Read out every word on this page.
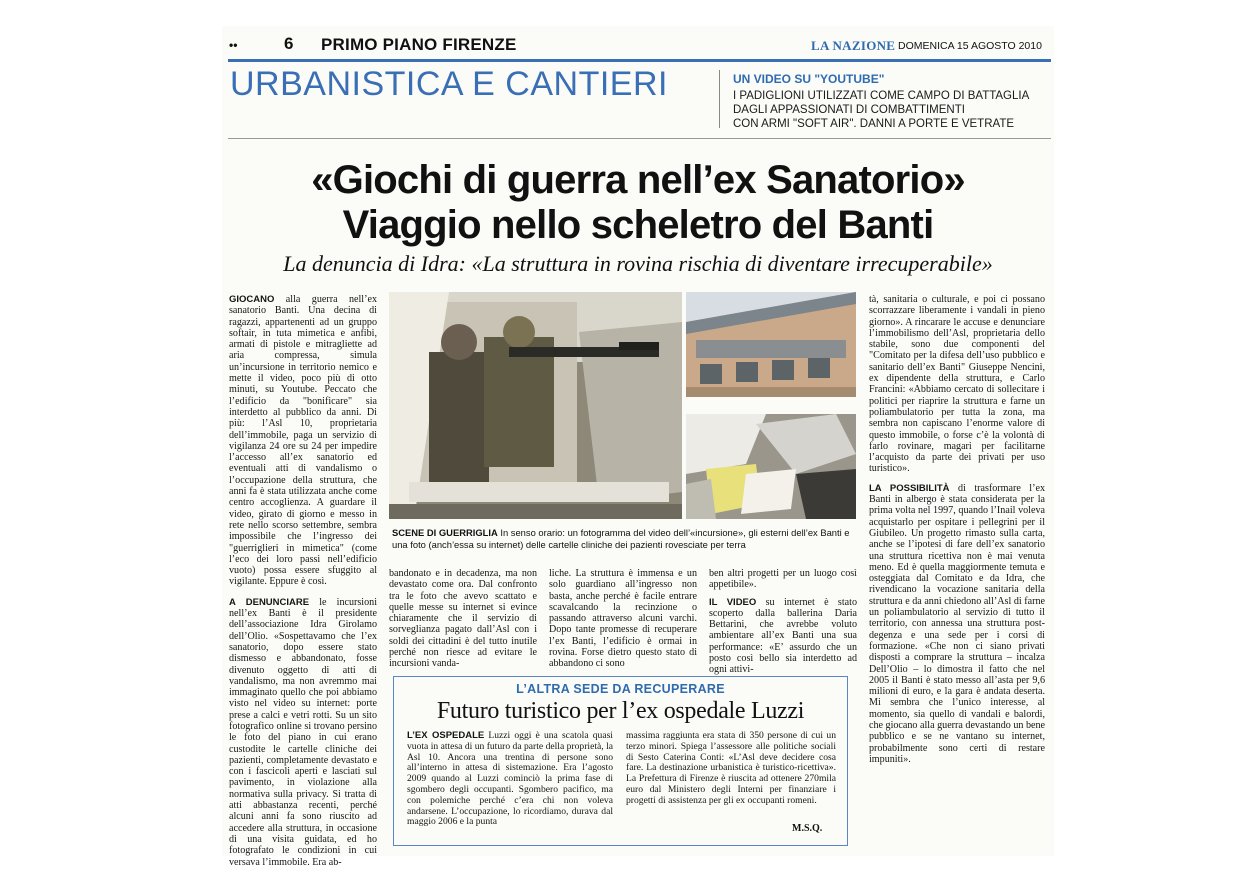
••	6 PRIMO PIANO FIRENZE	LA NAZIONE DOMENICA 15 AGOSTO 2010
URBANISTICA E CANTIERI	UN VIDEO SU "YOUTUBE"
I PADIGLIONI UTILIZZATI COME CAMPO DI BATTAGLIA
DAGLI APPASSIONATI DI COMBATTIMENTI
CON ARMI "SOFT AIR". DANNI A PORTE E VETRATE
«Giochi di guerra nell’ex Sanatorio»
Viaggio nello scheletro del Banti
La denuncia di Idra: «La struttura in rovina rischia di diventare irrecuperabile»
SCENE DI GUERRIGLIA In senso orario: un fotogramma del video dell’«incursione», gli esterni dell’ex Banti e una foto (anch’essa su internet) delle cartelle cliniche dei pazienti rovesciate per terra

GIOCANO alla guerra nell’ex sanatorio Banti. Una decina di ragazzi, appartenenti ad un gruppo softair, in tuta mimetica e anfibi, armati di pistole e mitragliette ad aria compressa, simula un’incursione in territorio nemico e mette il video, poco più di otto minuti, su Youtube. Peccato che l’edificio da "bonificare" sia interdetto al pubblico da anni. Di più: l’Asl 10, proprietaria dell’immobile, paga un servizio di vigilanza 24 ore su 24 per impedire l’accesso all’ex sanatorio ed eventuali atti di vandalismo o l’occupazione della struttura, che anni fa è stata utilizzata anche come centro accoglienza. A guardare il video, girato di giorno e messo in rete nello scorso settembre, sembra impossibile che l’ingresso dei "guerriglieri in mimetica" (come l’eco dei loro passi nell’edificio vuoto) possa essere sfuggito al vigilante. Eppure è così.

A DENUNCIARE le incursioni nell’ex Banti è il presidente dell’associazione Idra Girolamo dell’Olio. «Sospettavamo che l’ex sanatorio, dopo essere stato dismesso e abbandonato, fosse divenuto oggetto di atti di vandalismo, ma non avremmo mai immaginato quello che poi abbiamo visto nel video su internet: porte prese a calci e vetri rotti. Su un sito fotografico online si trovano persino le foto del piano in cui erano custodite le cartelle cliniche dei pazienti, completamente devastato e con i fascicoli aperti e lasciati sul pavimento, in violazione alla normativa sulla privacy. Si tratta di atti abbastanza recenti, perché alcuni anni fa sono riuscito ad accedere alla struttura, in occasione di una visita guidata, ed ho fotografato le condizioni in cui versava l’immobile. Era ab-

bandonato e in decadenza, ma non devastato come ora. Dal confronto tra le foto che avevo scattato e quelle messe su internet si evince chiaramente che il servizio di sorveglianza pagato dall’Asl con i soldi dei cittadini è del tutto inutile perché non riesce ad evitare le incursioni vanda-

liche. La struttura è immensa e un solo guardiano all’ingresso non basta, anche perché è facile entrare scavalcando la recinzione o passando attraverso alcuni varchi. Dopo tante promesse di recuperare l’ex Banti, l’edificio è ormai in rovina. Forse dietro questo stato di abbandono ci sono

ben altri progetti per un luogo così appetibile».

IL VIDEO su internet è stato scoperto dalla ballerina Daria Bettarini, che avrebbe voluto ambientare all’ex Banti una sua performance: «E’ assurdo che un posto così bello sia interdetto ad ogni attivi-

tà, sanitaria o culturale, e poi ci possano scorrazzare liberamente i vandali in pieno giorno». A rincarare le accuse e denunciare l’immobilismo dell’Asl, proprietaria dello stabile, sono due componenti del "Comitato per la difesa dell’uso pubblico e sanitario dell’ex Banti" Giuseppe Nencini, ex dipendente della struttura, e Carlo Francini: «Abbiamo cercato di sollecitare i politici per riaprire la struttura e farne un poliambulatorio per tutta la zona, ma sembra non capiscano l’enorme valore di questo immobile, o forse c’è la volontà di farlo rovinare, magari per facilitarne l’acquisto da parte dei privati per uso turistico».

LA POSSIBILITÀ di trasformare l’ex Banti in albergo è stata considerata per la prima volta nel 1997, quando l’Inail voleva acquistarlo per ospitare i pellegrini per il Giubileo. Un progetto rimasto sulla carta, anche se l’ipotesi di fare dell’ex sanatorio una struttura ricettiva non è mai venuta meno. Ed è quella maggiormente temuta e osteggiata dal Comitato e da Idra, che rivendicano la vocazione sanitaria della struttura e da anni chiedono all’Asl di farne un poliambulatorio al servizio di tutto il territorio, con annessa una struttura post-degenza e una sede per i corsi di formazione. «Che non ci siano privati disposti a comprare la struttura – incalza Dell’Olio – lo dimostra il fatto che nel 2005 il Banti è stato messo all’asta per 9,6 milioni di euro, e la gara è andata deserta. Mi sembra che l’unico interesse, al momento, sia quello di vandali e balordi, che giocano alla guerra devastando un bene pubblico e se ne vantano su internet, probabilmente sono certi di restare impuniti».

L’ALTRA SEDE DA RECUPERARE
Futuro turistico per l’ex ospedale Luzzi

L’EX OSPEDALE Luzzi oggi è una scatola quasi vuota in attesa di un futuro da parte della proprietà, la Asl 10. Ancora una trentina di persone sono all’interno in attesa di sistemazione. Era l’agosto 2009 quando al Luzzi cominciò la prima fase di sgombero degli occupanti. Sgombero pacifico, ma con polemiche perché c’era chi non voleva andarsene. L’occupazione, lo ricordiamo, durava dal maggio 2006 e la punta

massima raggiunta era stata di 350 persone di cui un terzo minori. Spiega l’assessore alle politiche sociali di Sesto Caterina Conti: «L’Asl deve decidere cosa fare. La destinazione urbanistica è turistico-ricettiva». La Prefettura di Firenze è riuscita ad ottenere 270mila euro dal Ministero degli Interni per finanziare i progetti di assistenza per gli ex occupanti romeni.

M.S.Q.
